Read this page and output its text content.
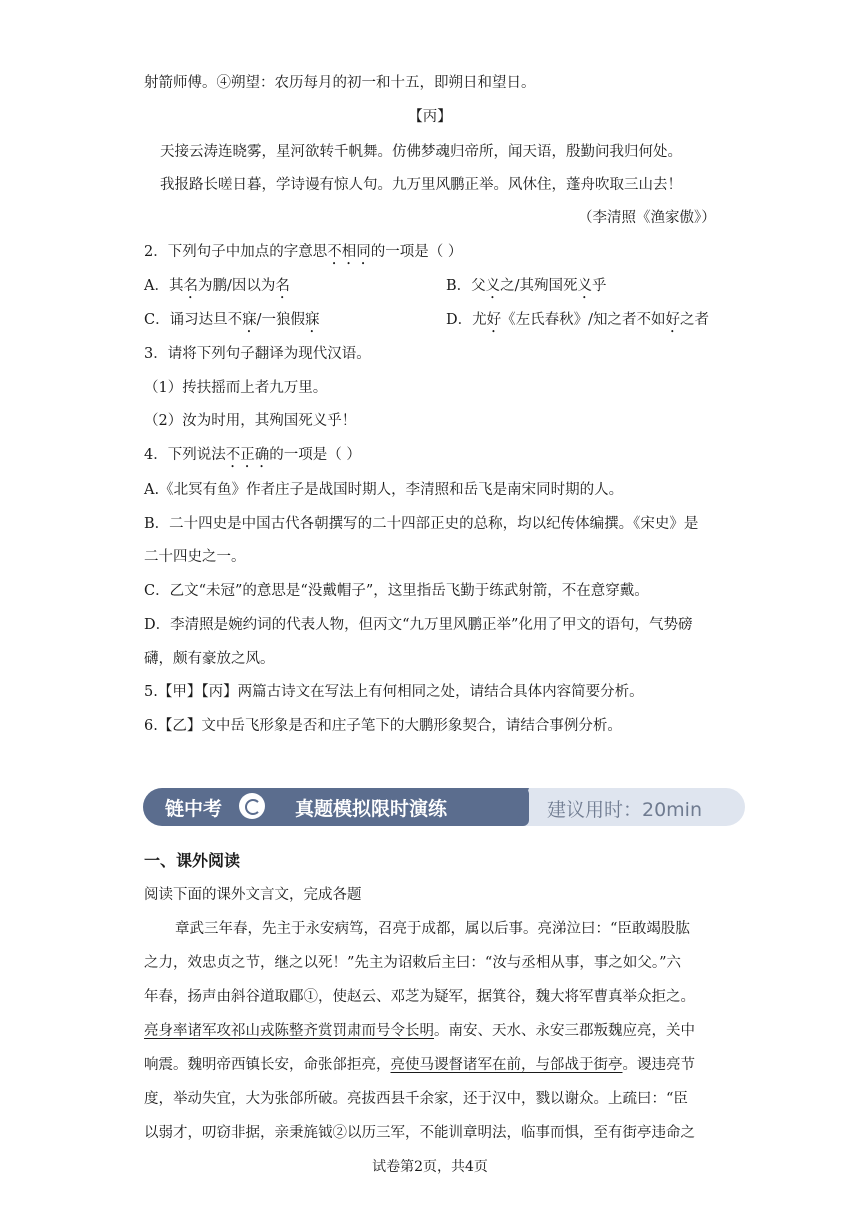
射箭师傅。④朔望：农历每月的初一和十五，即朔日和望日。
【丙】
天接云涛连晓雾，星河欲转千帆舞。仿佛梦魂归帝所，闻天语，殷勤问我归何处。
我报路长嗟日暮，学诗谩有惊人句。九万里风鹏正举。风休住，蓬舟吹取三山去！
（李清照《渔家傲》）
2．下列句子中加点的字意思不相同的一项是（ ）
A．其名为鹏/因以为名	B．父义之/其殉国死义乎
C．诵习达旦不寐/一狼假寐	D．尤好《左氏春秋》/知之者不如好之者
3．请将下列句子翻译为现代汉语。
（1）抟扶摇而上者九万里。
（2）汝为时用，其殉国死义乎！
4．下列说法不正确的一项是（ ）
A.《北冥有鱼》作者庄子是战国时期人，李清照和岳飞是南宋同时期的人。
B．二十四史是中国古代各朝撰写的二十四部正史的总称，均以纪传体编撰。《宋史》是
二十四史之一。
C．乙文“未冠”的意思是“没戴帽子”，这里指岳飞勤于练武射箭，不在意穿戴。
D．李清照是婉约词的代表人物，但丙文“九万里风鹏正举”化用了甲文的语句，气势磅
礴，颇有豪放之风。
5.【甲】【丙】两篇古诗文在写法上有何相同之处，请结合具体内容简要分析。
6.【乙】文中岳飞形象是否和庄子笔下的大鹏形象契合，请结合事例分析。
链中考	真题模拟限时演练	建议用时：20min
一、课外阅读
阅读下面的课外文言文，完成各题
章武三年春，先主于永安病笃，召亮于成都，属以后事。亮涕泣曰：“臣敢竭股肱
之力，效忠贞之节，继之以死！”先主为诏敕后主曰：“汝与丞相从事，事之如父。”六
年春，扬声由斜谷道取郿①，使赵云、邓芝为疑军，据箕谷，魏大将军曹真举众拒之。
亮身率诸军攻祁山戎陈整齐赏罚肃而号令长明。南安、天水、永安三郡叛魏应亮，关中
响震。魏明帝西镇长安，命张郃拒亮，亮使马谡督诸军在前，与郃战于街亭。谡违亮节
度，举动失宜，大为张郃所破。亮拔西县千余家，还于汉中，戮以谢众。上疏曰：“臣
以弱才，叨窃非据，亲秉旄钺②以历三军，不能训章明法，临事而惧，至有街亭违命之
试卷第2页，共4页
